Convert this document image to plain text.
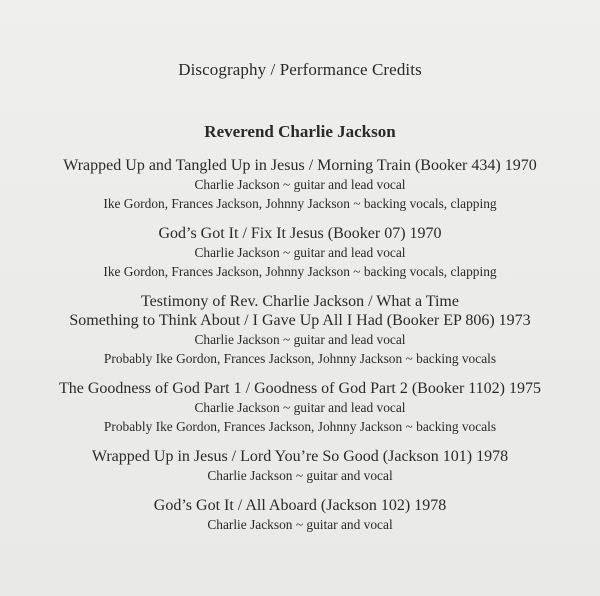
Discography / Performance Credits
Reverend Charlie Jackson
Wrapped Up and Tangled Up in Jesus / Morning Train (Booker 434) 1970
Charlie Jackson ~ guitar and lead vocal
Ike Gordon, Frances Jackson, Johnny Jackson ~ backing vocals, clapping
God’s Got It / Fix It Jesus (Booker 07) 1970
Charlie Jackson ~ guitar and lead vocal
Ike Gordon, Frances Jackson, Johnny Jackson ~ backing vocals, clapping
Testimony of Rev. Charlie Jackson / What a Time
Something to Think About / I Gave Up All I Had (Booker EP 806) 1973
Charlie Jackson ~ guitar and lead vocal
Probably Ike Gordon, Frances Jackson, Johnny Jackson ~ backing vocals
The Goodness of God Part 1 / Goodness of God Part 2 (Booker 1102) 1975
Charlie Jackson ~ guitar and lead vocal
Probably Ike Gordon, Frances Jackson, Johnny Jackson ~ backing vocals
Wrapped Up in Jesus / Lord You’re So Good (Jackson 101) 1978
Charlie Jackson ~ guitar and vocal
God’s Got It / All Aboard (Jackson 102) 1978
Charlie Jackson ~ guitar and vocal
